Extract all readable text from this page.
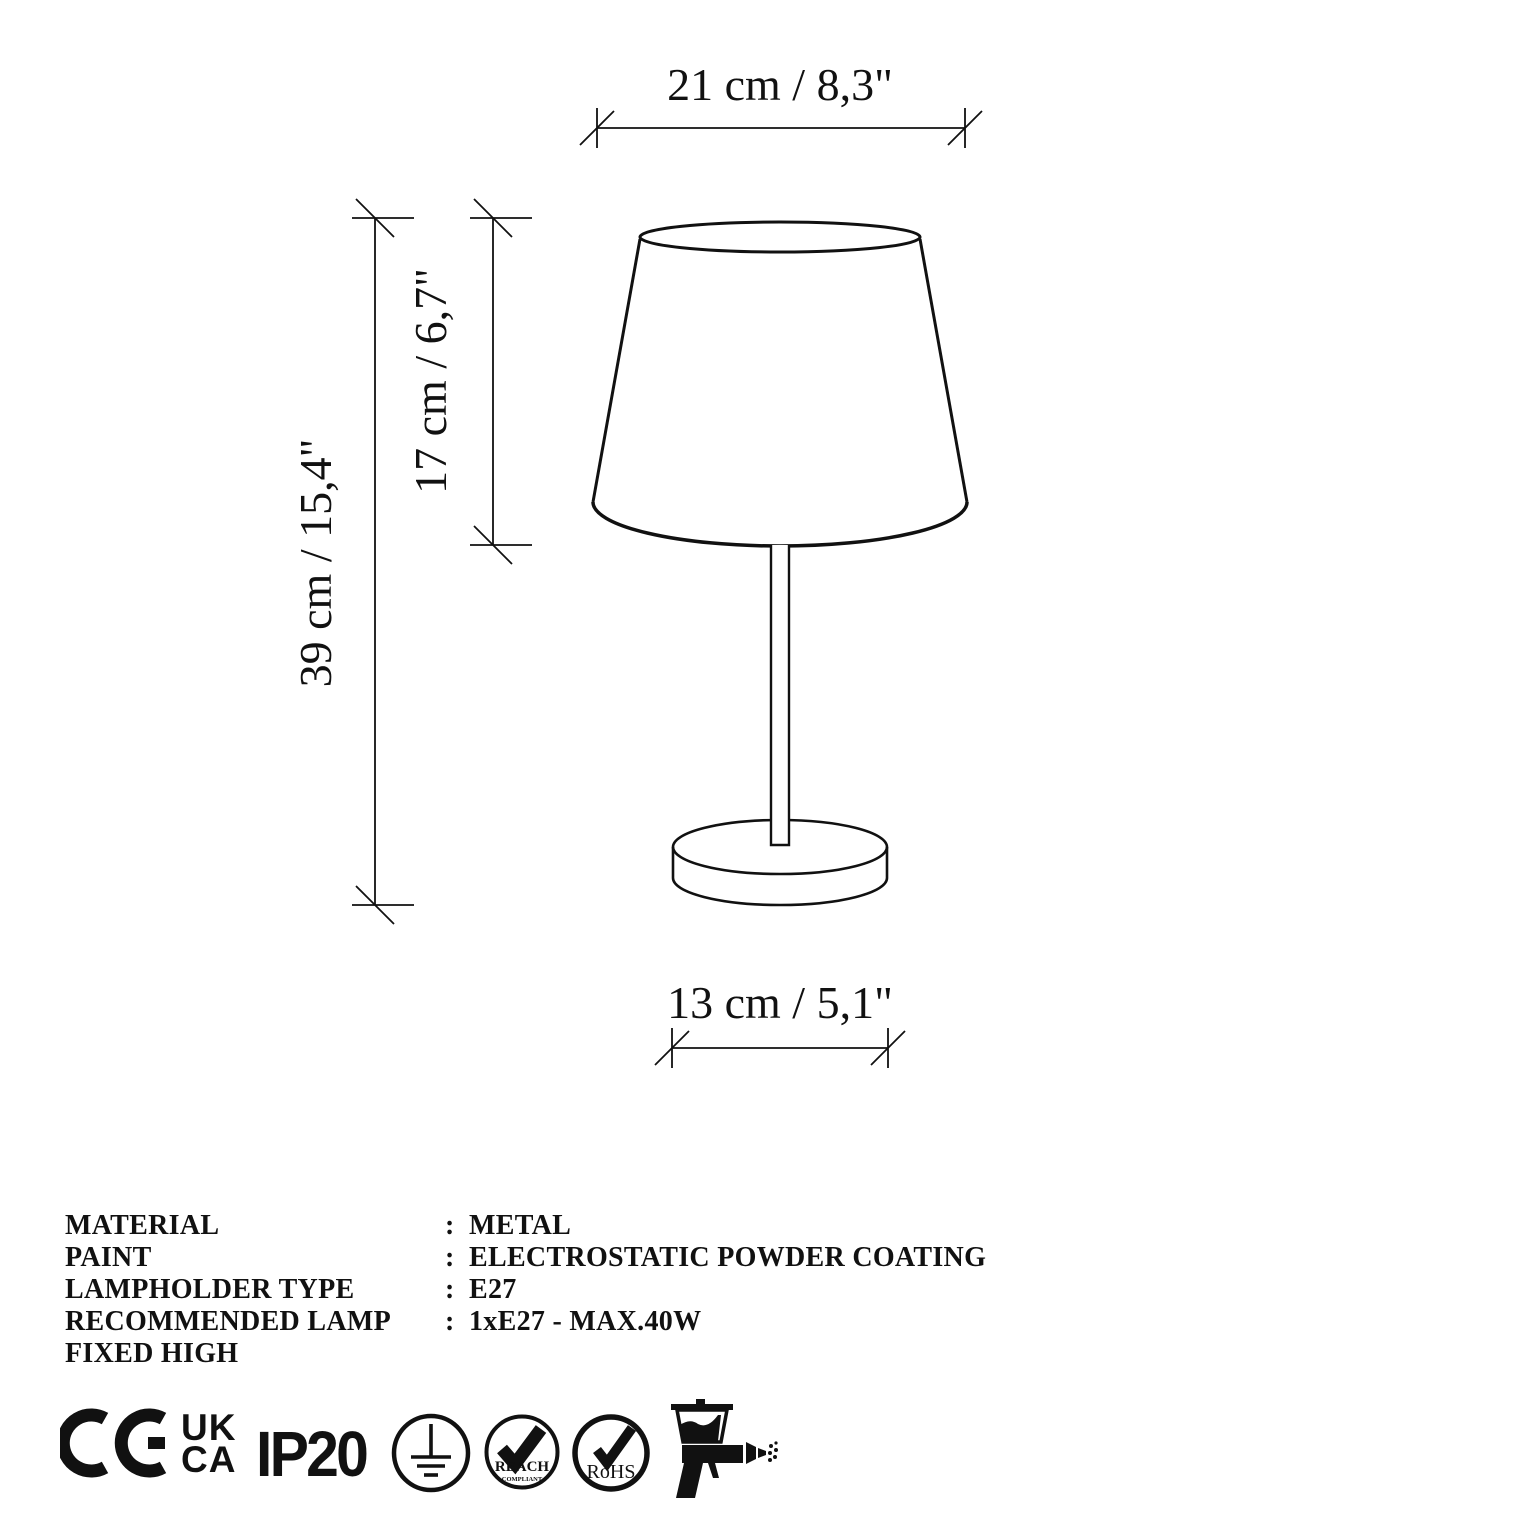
21 cm / 8,3"
39 cm / 15,4"
17 cm / 6,7"
13 cm / 5,1"
MATERIAL	: METAL
PAINT	: ELECTROSTATIC POWDER COATING
LAMPHOLDER TYPE	: E27
RECOMMENDED LAMP	: 1xE27 - MAX.40W
FIXED HIGH
UK
CA IP20	REACH
COMPLIANT RoHS
